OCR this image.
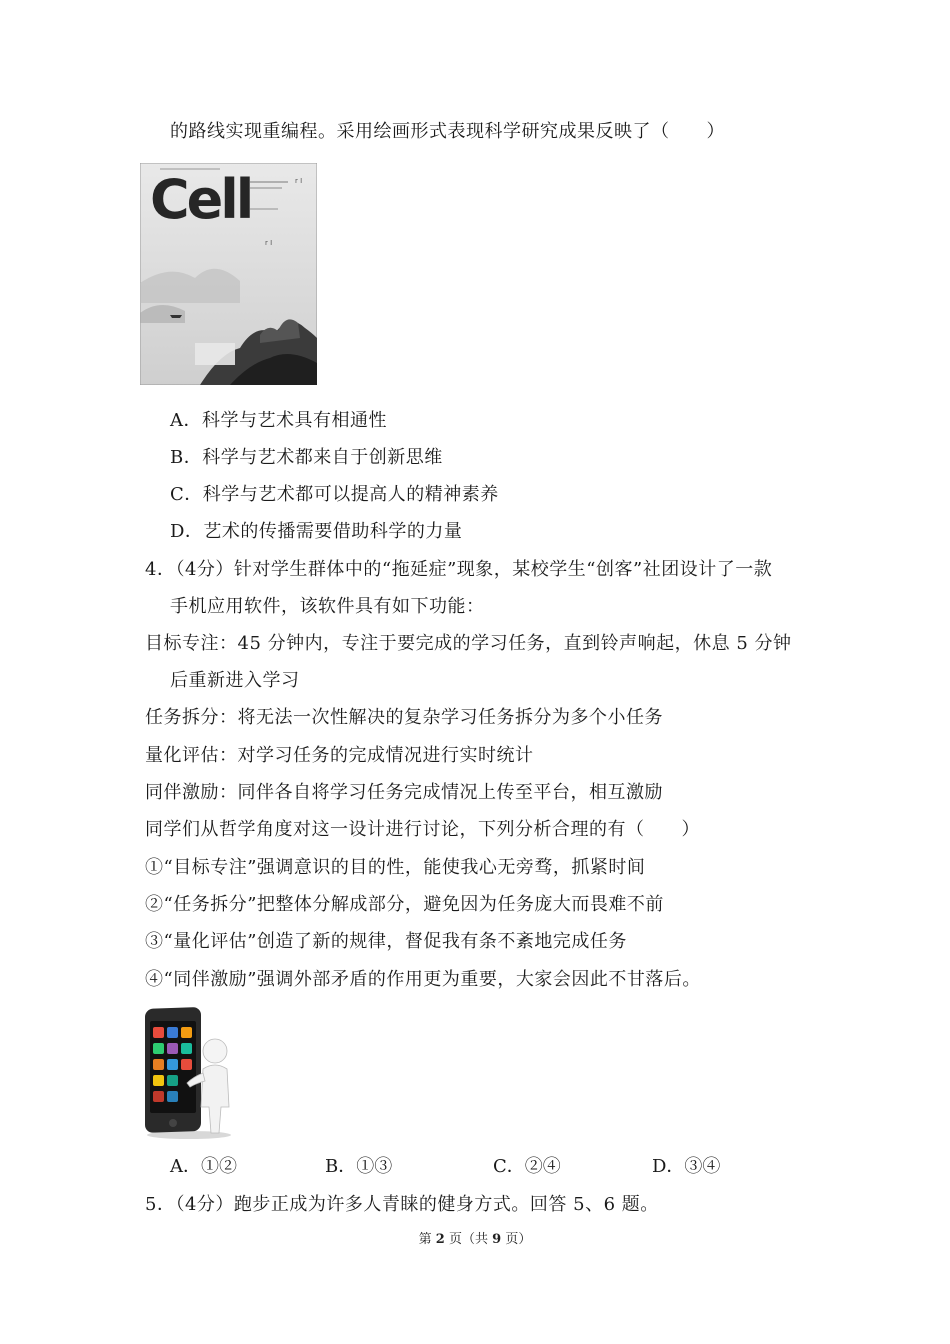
的路线实现重编程。采用绘画形式表现科学研究成果反映了（　　）
r I
r I
Cell
A．科学与艺术具有相通性
B．科学与艺术都来自于创新思维
C．科学与艺术都可以提高人的精神素养
D．艺术的传播需要借助科学的力量
4．（4分）针对学生群体中的“拖延症”现象，某校学生“创客”社团设计了一款
手机应用软件，该软件具有如下功能：
目标专注：45 分钟内，专注于要完成的学习任务，直到铃声响起，休息 5 分钟
后重新进入学习
任务拆分：将无法一次性解决的复杂学习任务拆分为多个小任务
量化评估：对学习任务的完成情况进行实时统计
同伴激励：同伴各自将学习任务完成情况上传至平台，相互激励
同学们从哲学角度对这一设计进行讨论，下列分析合理的有（　　）
①“目标专注”强调意识的目的性，能使我心无旁骛，抓紧时间
②“任务拆分”把整体分解成部分，避免因为任务庞大而畏难不前
③“量化评估”创造了新的规律，督促我有条不紊地完成任务
④“同伴激励”强调外部矛盾的作用更为重要，大家会因此不甘落后。
A．①②	B．①③	C．②④	D．③④
5．（4分）跑步正成为许多人青睐的健身方式。回答 5、6 题。
第 2 页（共 9 页）
